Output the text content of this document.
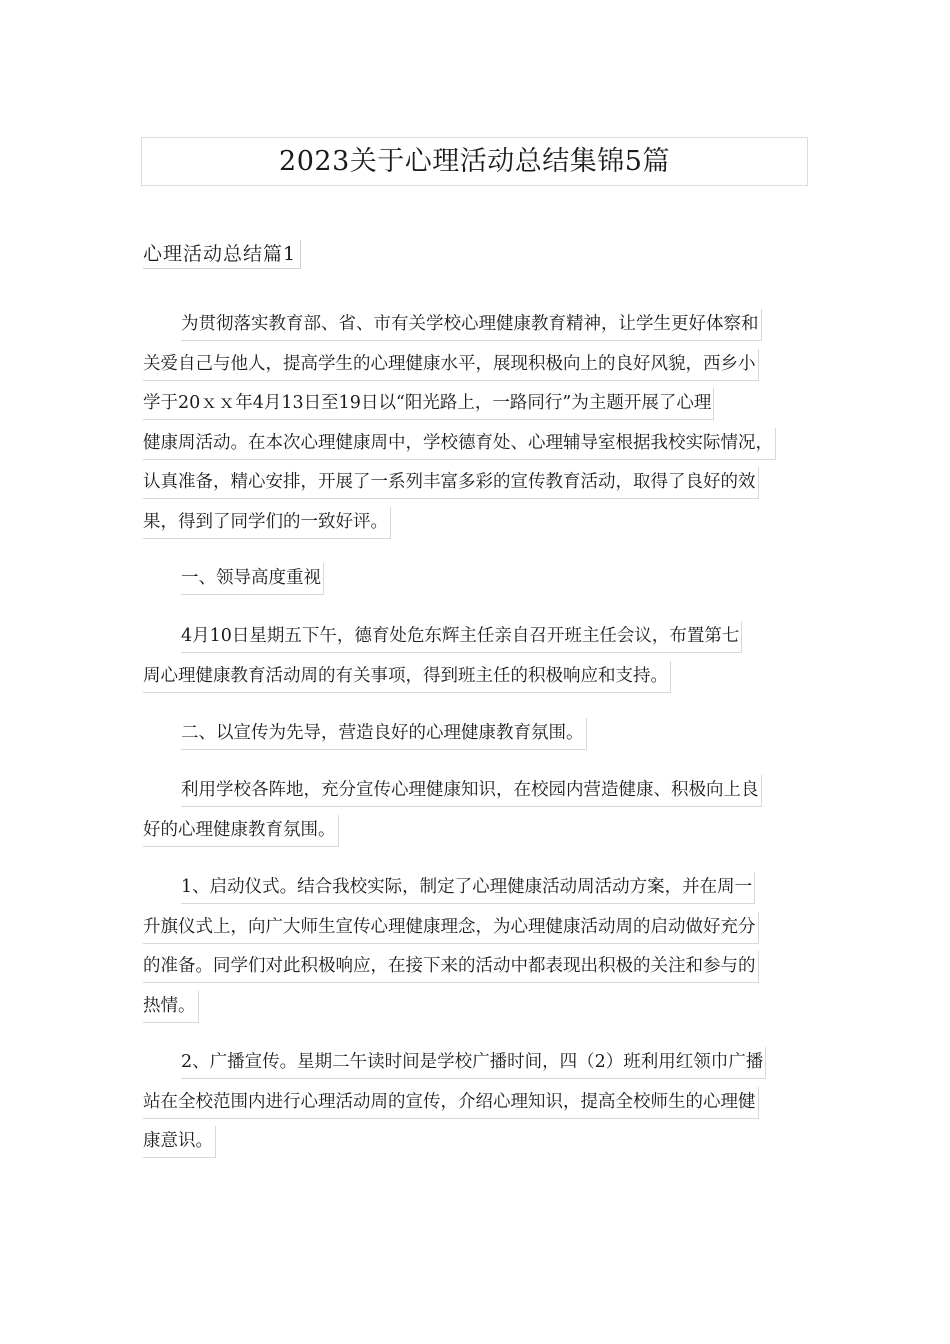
2023关于心理活动总结集锦5篇
心理活动总结篇1
为贯彻落实教育部、省、市有关学校心理健康教育精神，让学生更好体察和
关爱自己与他人，提高学生的心理健康水平，展现积极向上的良好风貌，西乡小
学于20ｘｘ年4月13日至19日以“阳光路上，一路同行”为主题开展了心理
健康周活动。在本次心理健康周中，学校德育处、心理辅导室根据我校实际情况，
认真准备，精心安排，开展了一系列丰富多彩的宣传教育活动，取得了良好的效
果，得到了同学们的一致好评。
一、领导高度重视
4月10日星期五下午，德育处危东辉主任亲自召开班主任会议，布置第七
周心理健康教育活动周的有关事项，得到班主任的积极响应和支持。
二、以宣传为先导，营造良好的心理健康教育氛围。
利用学校各阵地，充分宣传心理健康知识，在校园内营造健康、积极向上良
好的心理健康教育氛围。
1、启动仪式。结合我校实际，制定了心理健康活动周活动方案，并在周一
升旗仪式上，向广大师生宣传心理健康理念，为心理健康活动周的启动做好充分
的准备。同学们对此积极响应，在接下来的活动中都表现出积极的关注和参与的
热情。
2、广播宣传。星期二午读时间是学校广播时间，四（2）班利用红领巾广播
站在全校范围内进行心理活动周的宣传，介绍心理知识，提高全校师生的心理健
康意识。
